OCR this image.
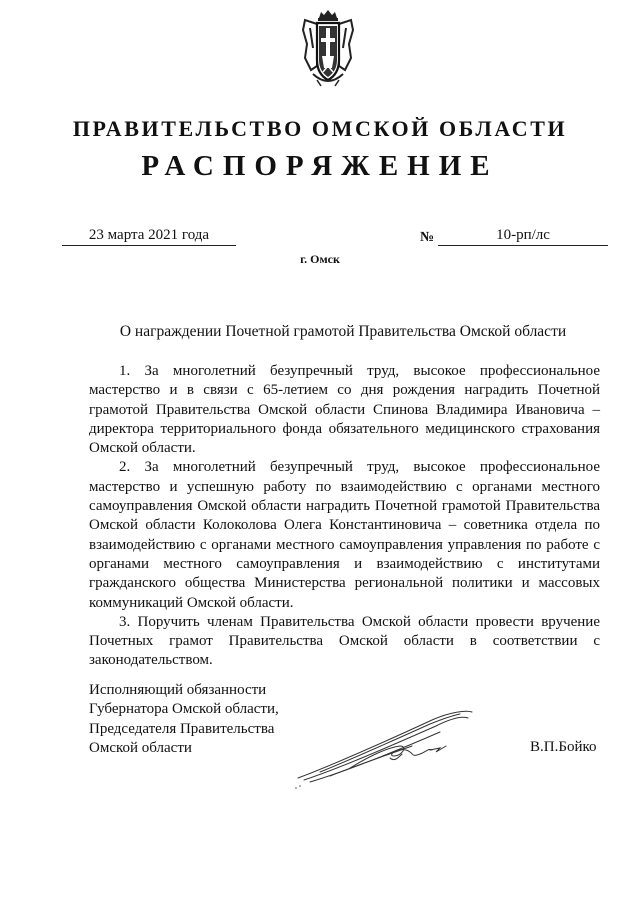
ПРАВИТЕЛЬСТВО ОМСКОЙ ОБЛАСТИ
РАСПОРЯЖЕНИЕ
23 марта 2021 года	№	10-рп/лс
г. Омск
О награждении Почетной грамотой Правительства Омской области

1. За многолетний безупречный труд, высокое профессиональное мастерство и в связи с 65-летием со дня рождения наградить Почетной грамотой Правительства Омской области Спинова Владимира Ивановича – директора территориального фонда обязательного медицинского страхования Омской области.

2. За многолетний безупречный труд, высокое профессиональное мастерство и успешную работу по взаимодействию с органами местного самоуправления Омской области наградить Почетной грамотой Правительства Омской области Колоколова Олега Константиновича – советника отдела по взаимодействию с органами местного самоуправления управления по работе с органами местного самоуправления и взаимодействию с институтами гражданского общества Министерства региональной политики и массовых коммуникаций Омской области.

3. Поручить членам Правительства Омской области провести вручение Почетных грамот Правительства Омской области в соответствии с законодательством.

Исполняющий обязанности
Губернатора Омской области,
Председателя Правительства
Омской области	В.П.Бойко
